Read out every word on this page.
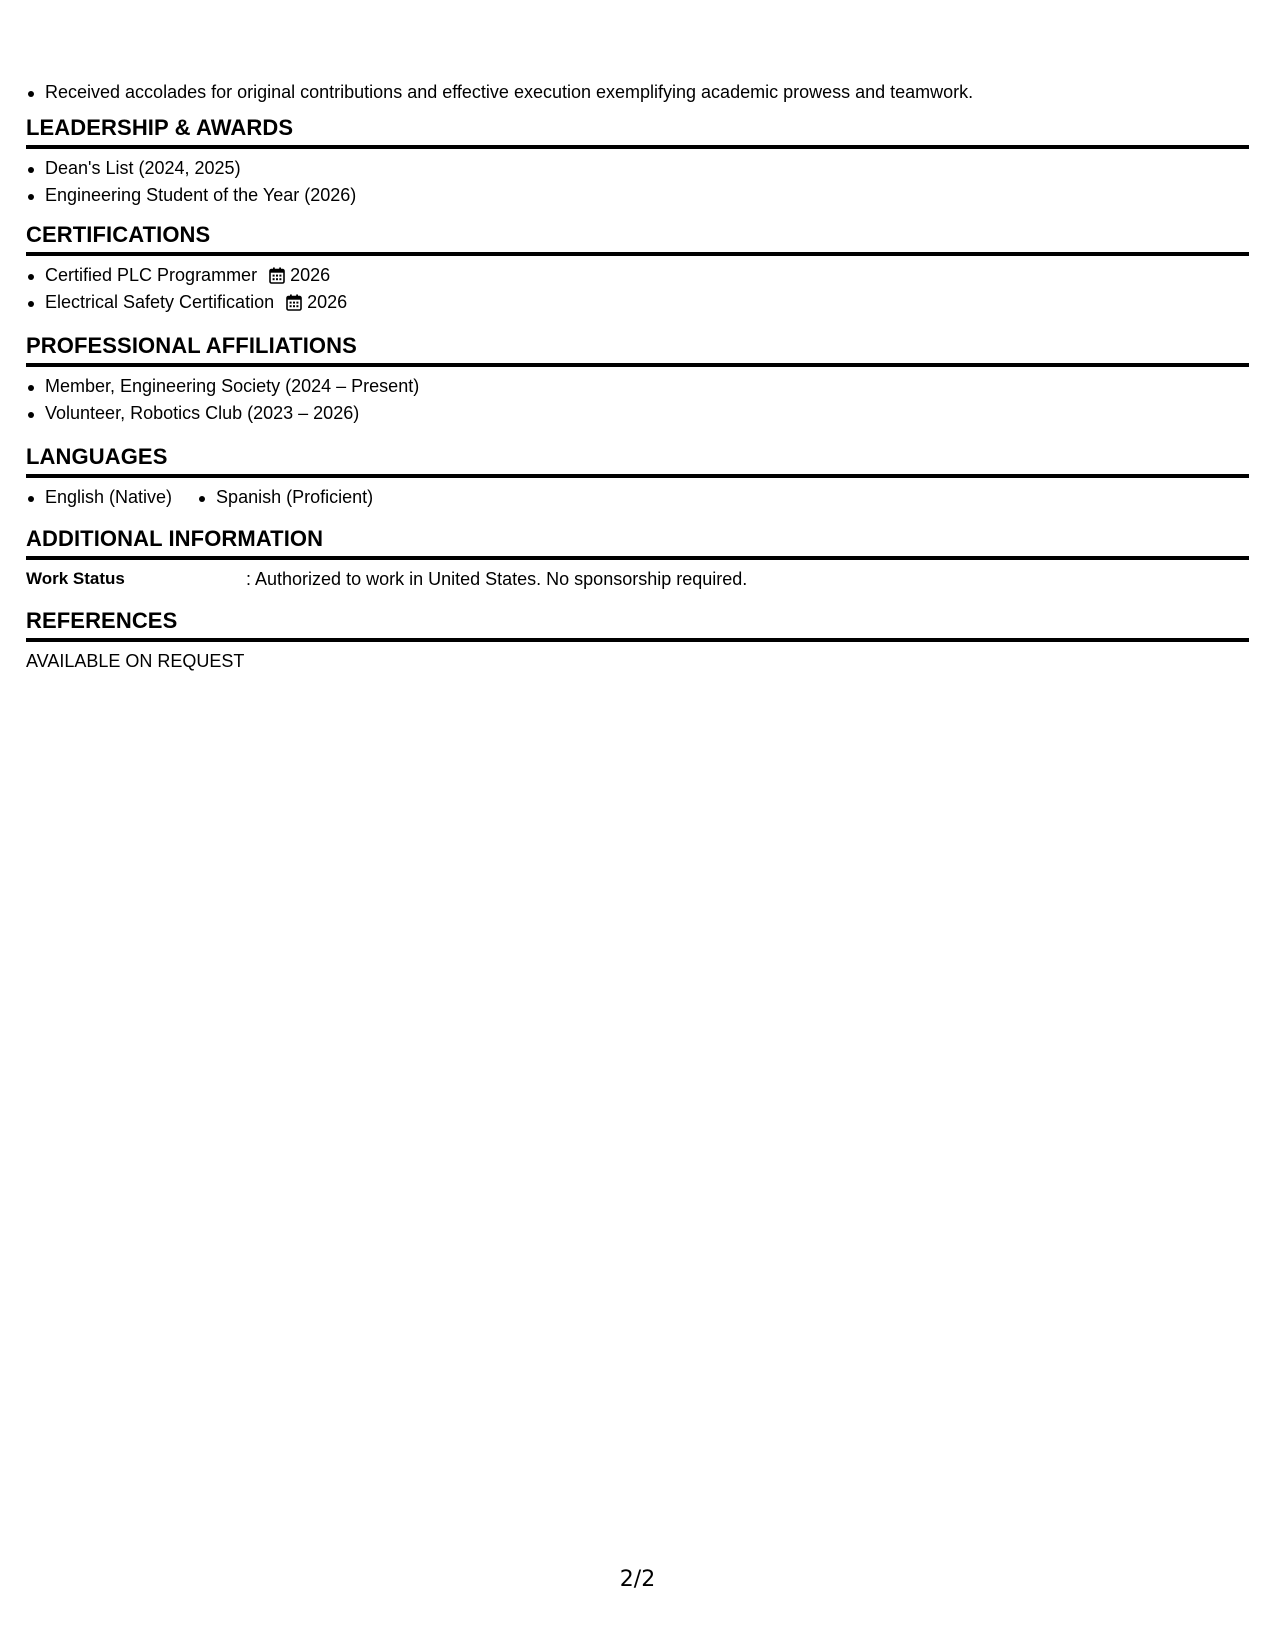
Received accolades for original contributions and effective execution exemplifying academic prowess and teamwork.
LEADERSHIP & AWARDS
Dean's List (2024, 2025)
Engineering Student of the Year (2026)
CERTIFICATIONS
Certified PLC Programmer 2026
Electrical Safety Certification 2026
PROFESSIONAL AFFILIATIONS
Member, Engineering Society (2024 – Present)
Volunteer, Robotics Club (2023 – 2026)
LANGUAGES
English (Native)	Spanish (Proficient)
ADDITIONAL INFORMATION
Work Status	: Authorized to work in United States. No sponsorship required.
REFERENCES
AVAILABLE ON REQUEST
2/2
